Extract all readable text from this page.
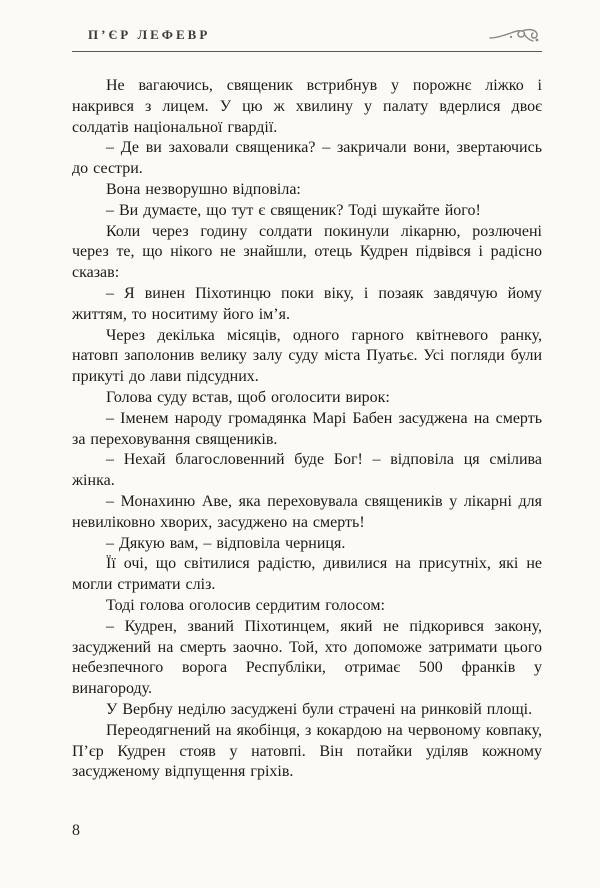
П’ЄР ЛЕФЕВР

Не вагаючись, священик встрибнув у порожнє ліжко і накрився з лицем. У цю ж хвилину у палату вдерлися двоє солдатів національної гвардії.

– Де ви заховали священика? – закричали вони, звертаючись до сестри.

Вона незворушно відповіла:

– Ви думаєте, що тут є священик? Тоді шукайте його!

Коли через годину солдати покинули лікарню, розлючені через те, що нікого не знайшли, отець Кудрен підвівся і радісно сказав:

– Я винен Піхотинцю поки віку, і позаяк завдячую йому життям, то носитиму його ім’я.

Через декілька місяців, одного гарного квітневого ранку, натовп заполонив велику залу суду міста Пуатьє. Усі погляди були прикуті до лави підсудних.

Голова суду встав, щоб оголосити вирок:

– Іменем народу громадянка Марі Бабен засуджена на смерть за переховування священиків.

– Нехай благословенний буде Бог! – відповіла ця смілива жінка.

– Монахиню Аве, яка переховувала священиків у лікарні для невиліковно хворих, засуджено на смерть!

– Дякую вам, – відповіла черниця.

Її очі, що світилися радістю, дивилися на присутніх, які не могли стримати сліз.

Тоді голова оголосив сердитим голосом:

– Кудрен, званий Піхотинцем, який не підкорився закону, засуджений на смерть заочно. Той, хто допоможе затримати цього небезпечного ворога Республіки, отримає 500 франків у винагороду.

У Вербну неділю засуджені були страчені на ринковій площі.

Переодягнений на якобінця, з кокардою на червоному ковпаку, П’єр Кудрен стояв у натовпі. Він потайки уділяв кожному засудженому відпущення гріхів.

8
